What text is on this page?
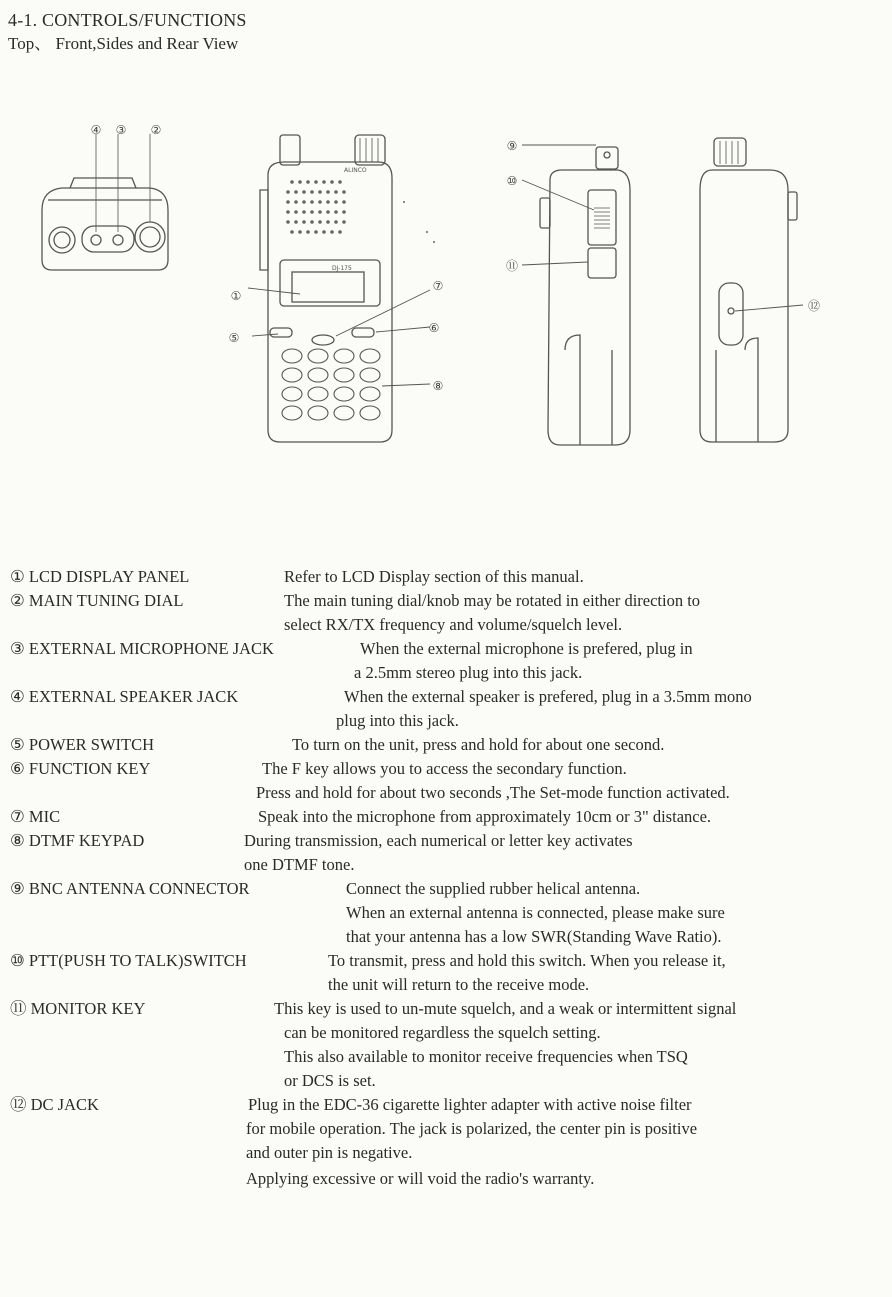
4-1. CONTROLS/FUNCTIONS

Top、 Front,Sides and Rear View

④ ③ ②
①
⑤
⑦
⑥
⑧
⑨
⑩
⑪
⑫
ALINCO
DJ-175
① LCD DISPLAY PANEL	Refer to LCD Display section of this manual.
② MAIN TUNING DIAL	The main tuning dial/knob may be rotated in either direction to
select RX/TX frequency and volume/squelch level.
③ EXTERNAL MICROPHONE JACK	When the external microphone is prefered, plug in
a 2.5mm stereo plug into this jack.
④ EXTERNAL SPEAKER JACK	When the external speaker is prefered, plug in a 3.5mm mono
plug into this jack.
⑤ POWER SWITCH	To turn on the unit, press and hold for about one second.
⑥ FUNCTION KEY	The F key allows you to access the secondary function.
Press and hold for about two seconds ,The Set-mode function activated.
⑦ MIC	Speak into the microphone from approximately 10cm or 3" distance.
⑧ DTMF KEYPAD	During transmission, each numerical or letter key activates
one DTMF tone.
⑨ BNC ANTENNA CONNECTOR	Connect the supplied rubber helical antenna.
When an external antenna is connected, please make sure
that your antenna has a low SWR(Standing Wave Ratio).
⑩ PTT(PUSH TO TALK)SWITCH	To transmit, press and hold this switch. When you release it,
the unit will return to the receive mode.
⑪ MONITOR KEY	This key is used to un-mute squelch, and a weak or intermittent signal
can be monitored regardless the squelch setting.
This also available to monitor receive frequencies when TSQ
or DCS is set.
⑫ DC JACK	Plug in the EDC-36 cigarette lighter adapter with active noise filter
for mobile operation. The jack is polarized, the center pin is positive
and outer pin is negative.
Applying excessive or will void the radio's warranty.
